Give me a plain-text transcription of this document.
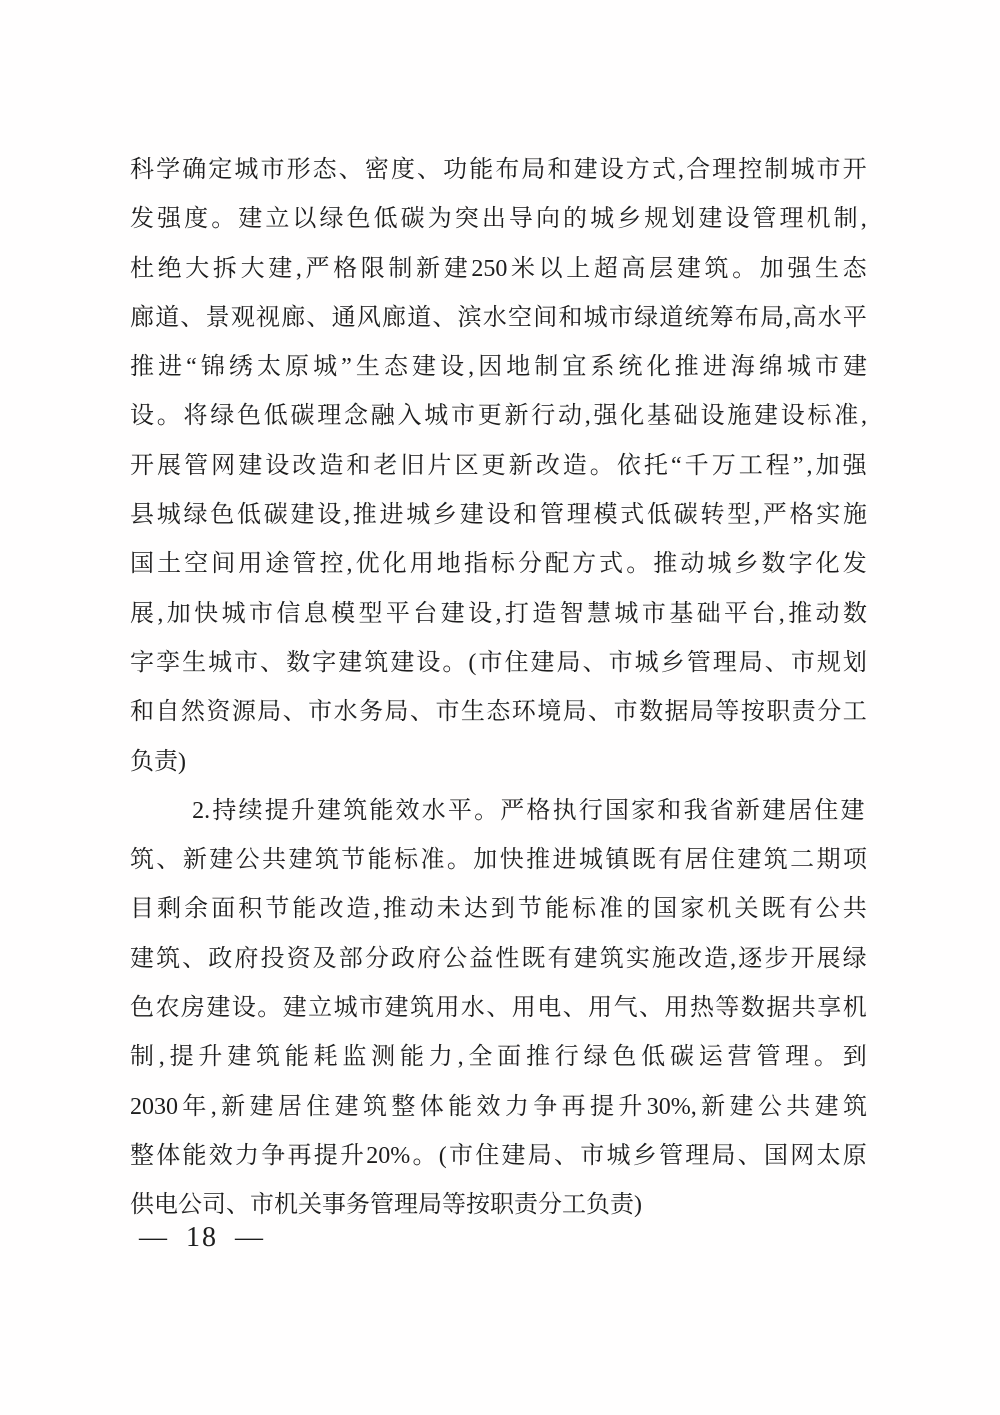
科 学 确 定 城 市 形 态 、 密 度 、 功 能 布 局 和 建 设 方 式 , 合 理 控 制 城 市 开
发 强 度 。 建 立 以 绿 色 低 碳 为 突 出 导 向 的 城 乡 规 划 建 设 管 理 机 制 ,
杜 绝 大 拆 大 建 , 严 格 限 制 新 建 250 米 以 上 超 高 层 建 筑 。 加 强 生 态
廊 道 、 景 观 视 廊 、 通 风 廊 道 、 滨 水 空 间 和 城 市 绿 道 统 筹 布 局 , 高 水 平
推 进 “ 锦 绣 太 原 城 ” 生 态 建 设 , 因 地 制 宜 系 统 化 推 进 海 绵 城 市 建
设 。 将 绿 色 低 碳 理 念 融 入 城 市 更 新 行 动 , 强 化 基 础 设 施 建 设 标 准 ,
开 展 管 网 建 设 改 造 和 老 旧 片 区 更 新 改 造 。 依 托 “ 千 万 工 程 ” , 加 强
县 城 绿 色 低 碳 建 设 , 推 进 城 乡 建 设 和 管 理 模 式 低 碳 转 型 , 严 格 实 施
国 土 空 间 用 途 管 控 , 优 化 用 地 指 标 分 配 方 式 。 推 动 城 乡 数 字 化 发
展 , 加 快 城 市 信 息 模 型 平 台 建 设 , 打 造 智 慧 城 市 基 础 平 台 , 推 动 数
字 孪 生 城 市 、 数 字 建 筑 建 设 。 ( 市 住 建 局 、 市 城 乡 管 理 局 、 市 规 划
和 自 然 资 源 局 、 市 水 务 局 、 市 生 态 环 境 局 、 市 数 据 局 等 按 职 责 分 工
负责)
2. 持 续 提 升 建 筑 能 效 水 平 。 严 格 执 行 国 家 和 我 省 新 建 居 住 建
筑 、 新 建 公 共 建 筑 节 能 标 准 。 加 快 推 进 城 镇 既 有 居 住 建 筑 二 期 项
目 剩 余 面 积 节 能 改 造 , 推 动 未 达 到 节 能 标 准 的 国 家 机 关 既 有 公 共
建 筑 、 政 府 投 资 及 部 分 政 府 公 益 性 既 有 建 筑 实 施 改 造 , 逐 步 开 展 绿
色 农 房 建 设 。 建 立 城 市 建 筑 用 水 、 用 电 、 用 气 、 用 热 等 数 据 共 享 机
制 , 提 升 建 筑 能 耗 监 测 能 力 , 全 面 推 行 绿 色 低 碳 运 营 管 理 。 到
2030 年 , 新 建 居 住 建 筑 整 体 能 效 力 争 再 提 升 30%, 新 建 公 共 建 筑
整 体 能 效 力 争 再 提 升 20% 。 ( 市 住 建 局 、 市 城 乡 管 理 局 、 国 网 太 原
供电公司、市机关事务管理局等按职责分工负责)
— 18 —
